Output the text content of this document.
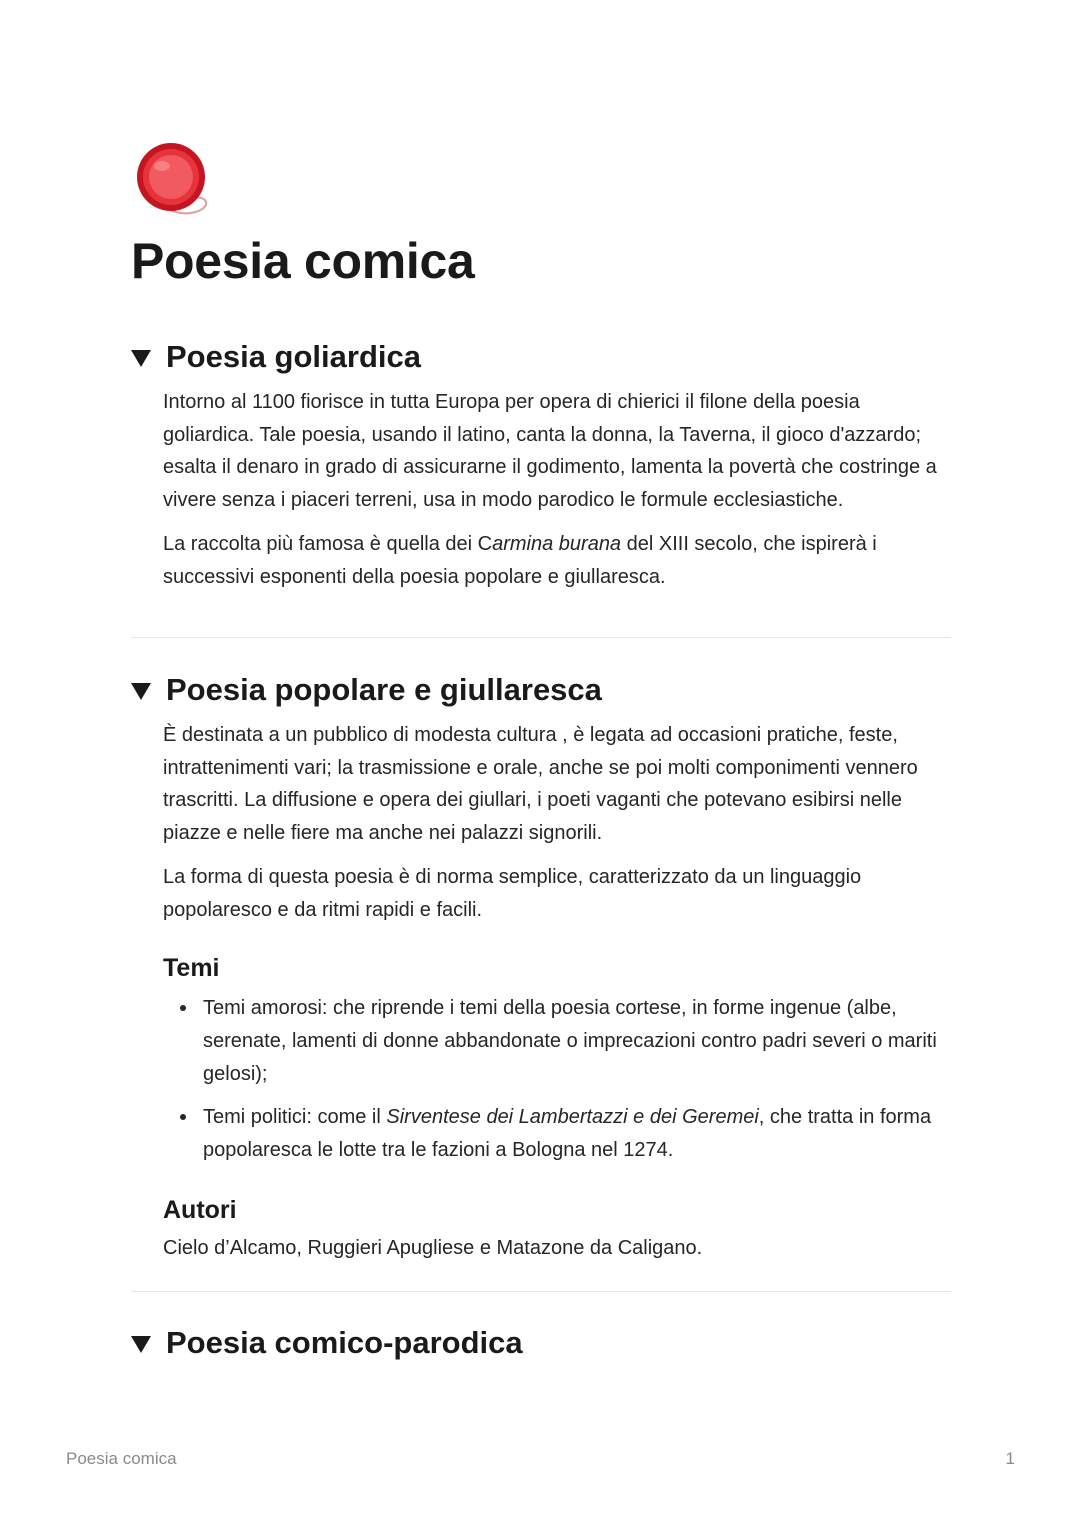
Poesia comica
Poesia goliardica

Intorno al 1100 fiorisce in tutta Europa per opera di chierici il filone della poesia goliardica. Tale poesia, usando il latino, canta la donna, la Taverna, il gioco d'azzardo; esalta il denaro in grado di assicurarne il godimento, lamenta la povertà che costringe a vivere senza i piaceri terreni, usa in modo parodico le formule ecclesiastiche.

La raccolta più famosa è quella dei Carmina burana del XIII secolo, che ispirerà i successivi esponenti della poesia popolare e giullaresca.

Poesia popolare e giullaresca

È destinata a un pubblico di modesta cultura , è legata ad occasioni pratiche, feste, intrattenimenti vari; la trasmissione e orale, anche se poi molti componimenti vennero trascritti. La diffusione e opera dei giullari, i poeti vaganti che potevano esibirsi nelle piazze e nelle fiere ma anche nei palazzi signorili.

La forma di questa poesia è di norma semplice, caratterizzato da un linguaggio popolaresco e da ritmi rapidi e facili.

Temi
Temi amorosi: che riprende i temi della poesia cortese, in forme ingenue (albe, serenate, lamenti di donne abbandonate o imprecazioni contro padri severi o mariti gelosi);
Temi politici: come il Sirventese dei Lambertazzi e dei Geremei, che tratta in forma popolaresca le lotte tra le fazioni a Bologna nel 1274.
Autori

Cielo d’Alcamo, Ruggieri Apugliese e Matazone da Caligano.

Poesia comico-parodica
Poesia comica	1
